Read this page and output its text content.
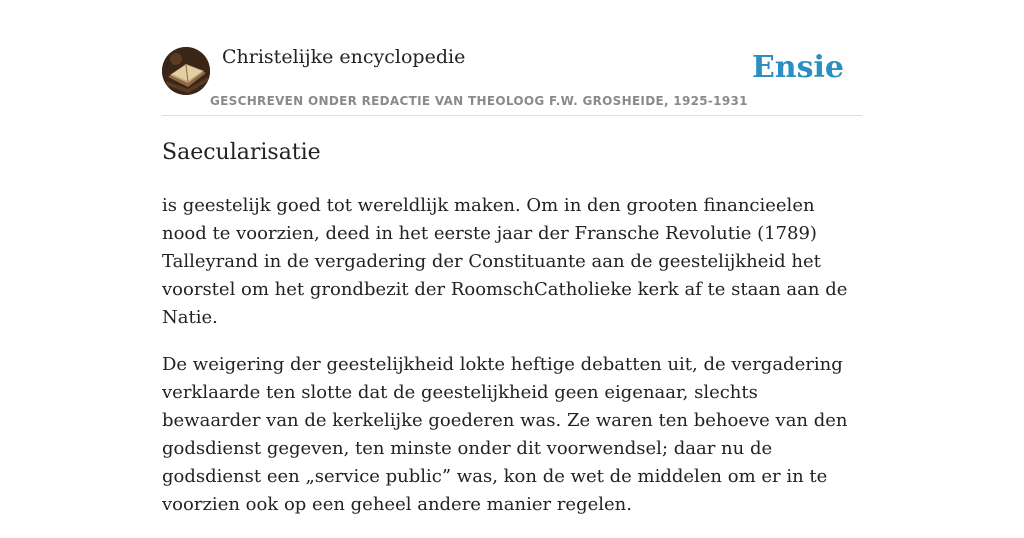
Christelijke encyclopedie
GESCHREVEN ONDER REDACTIE VAN THEOLOOG F.W. GROSHEIDE, 1925-1931
Ensie
Saecularisatie

is geestelijk goed tot wereldlijk maken. Om in den grooten financieelen nood te voorzien, deed in het eerste jaar der Fransche Revolutie (1789) Talleyrand in de vergadering der Constituante aan de geestelijkheid het voorstel om het grondbezit der RoomschCatholieke kerk af te staan aan de Natie.

De weigering der geestelijkheid lokte heftige debatten uit, de vergadering verklaarde ten slotte dat de geestelijkheid geen eigenaar, slechts bewaarder van de kerkelijke goederen was. Ze waren ten behoeve van den godsdienst gegeven, ten minste onder dit voorwendsel; daar nu de godsdienst een „service public” was, kon de wet de middelen om er in te voorzien ook op een geheel andere manier regelen.
